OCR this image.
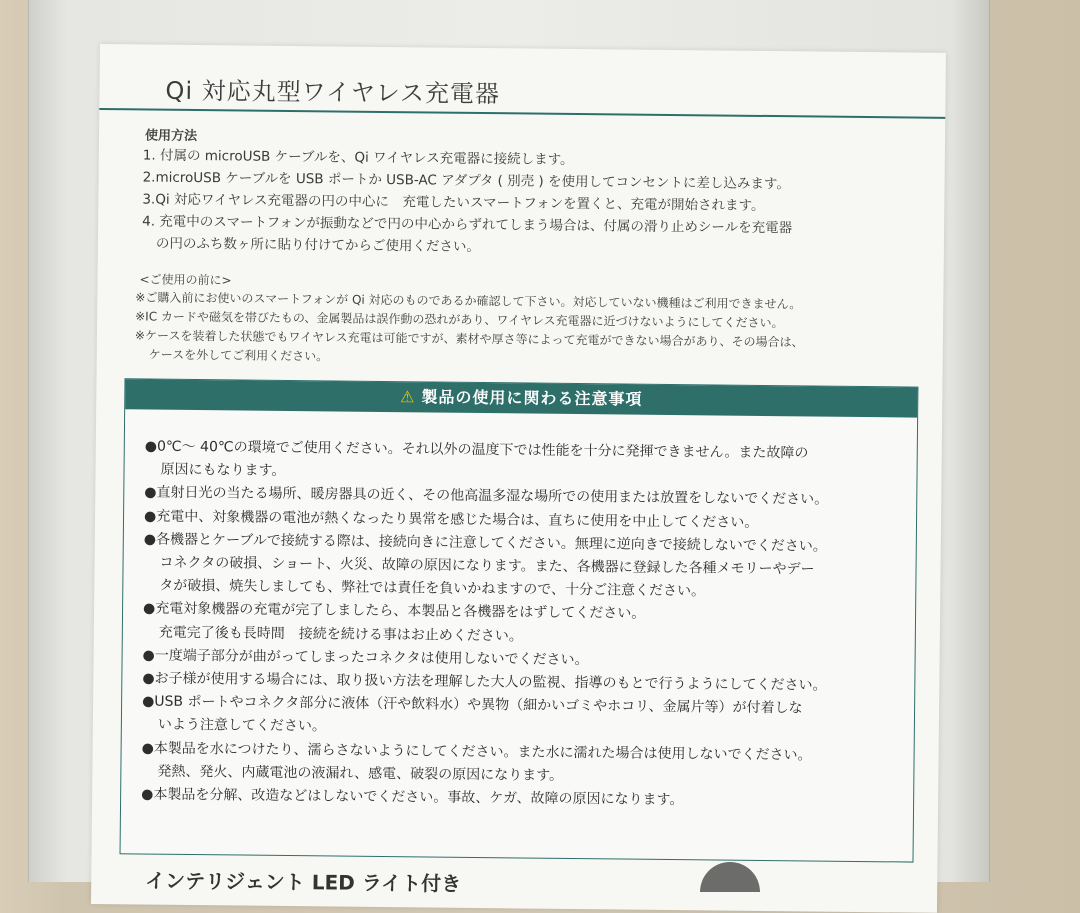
Qi 対応丸型ワイヤレス充電器
使用方法
1. 付属の microUSB ケーブルを、Qi ワイヤレス充電器に接続します。
2.microUSB ケーブルを USB ポートか USB-AC アダプタ ( 別売 ) を使用してコンセントに差し込みます。
3.Qi 対応ワイヤレス充電器の円の中心に　充電したいスマートフォンを置くと、充電が開始されます。
4. 充電中のスマートフォンが振動などで円の中心からずれてしまう場合は、付属の滑り止めシールを充電器
の円のふち数ヶ所に貼り付けてからご使用ください。
<ご使用の前に>
※ご購入前にお使いのスマートフォンが Qi 対応のものであるか確認して下さい。対応していない機種はご利用できません。
※IC カードや磁気を帯びたもの、金属製品は誤作動の恐れがあり、ワイヤレス充電器に近づけないようにしてください。
※ケースを装着した状態でもワイヤレス充電は可能ですが、素材や厚さ等によって充電ができない場合があり、その場合は、
ケースを外してご利用ください。
⚠ 製品の使用に関わる注意事項
●0℃～ 40℃の環境でご使用ください。それ以外の温度下では性能を十分に発揮できません。また故障の
原因にもなります。
●直射日光の当たる場所、暖房器具の近く、その他高温多湿な場所での使用または放置をしないでください。
●充電中、対象機器の電池が熱くなったり異常を感じた場合は、直ちに使用を中止してください。
●各機器とケーブルで接続する際は、接続向きに注意してください。無理に逆向きで接続しないでください。
コネクタの破損、ショート、火災、故障の原因になります。また、各機器に登録した各種メモリーやデー
タが破損、焼失しましても、弊社では責任を負いかねますので、十分ご注意ください。
●充電対象機器の充電が完了しましたら、本製品と各機器をはずしてください。
充電完了後も長時間　接続を続ける事はお止めください。
●一度端子部分が曲がってしまったコネクタは使用しないでください。
●お子様が使用する場合には、取り扱い方法を理解した大人の監視、指導のもとで行うようにしてください。
●USB ポートやコネクタ部分に液体（汗や飲料水）や異物（細かいゴミやホコリ、金属片等）が付着しな
いよう注意してください。
●本製品を水につけたり、濡らさないようにしてください。また水に濡れた場合は使用しないでください。
発熱、発火、内蔵電池の液漏れ、感電、破裂の原因になります。
●本製品を分解、改造などはしないでください。事故、ケガ、故障の原因になります。
インテリジェント LED ライト付き
